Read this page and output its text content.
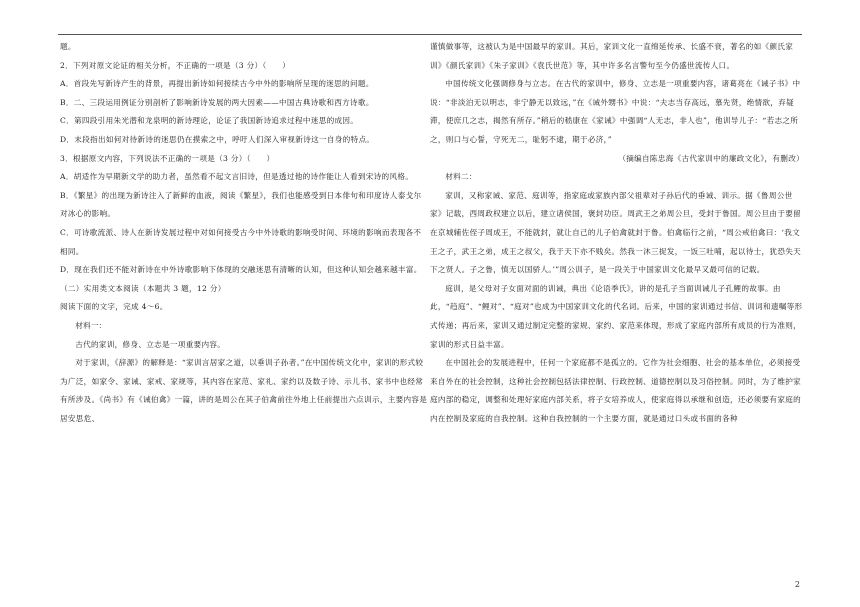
题。

2．下列对原文论证的相关分析，不正确的一项是（3 分）（　　）

A．首段先写新诗产生的背景，再提出新诗如何接续古今中外的影响所呈现的迷思的问题。

B．二、三段运用例证分别剖析了影响新诗发展的两大因素——中国古典诗歌和西方诗歌。

C．第四段引用朱光潜和龙泉明的新诗理论，论证了我国新诗追求过程中迷思的成因。

D．末段指出如何对待新诗的迷思仍在摸索之中，呼吁人们深入审视新诗这一自身的特点。

3．根据原文内容，下列说法不正确的一项是（3 分）（　　）

A．胡适作为早期新文学的助力者，虽然看不起文言旧诗，但是透过他的诗作能让人看到宋诗的风格。

B．《繁星》的出现为新诗注入了新鲜的血液，阅读《繁星》，我们也能感受到日本俳句和印度诗人泰戈尔对冰心的影响。

C．可诗歌流派、诗人在新诗发展过程中对如何接受古今中外诗歌的影响受时间、环境的影响而表现各不相同。

D．现在我们还不能对新诗在中外诗歌影响下体现的交融迷思有清晰的认知，但这种认知会越来越丰富。

（二）实用类文本阅读（本题共 3 题，12 分）

阅读下面的文字，完成 4～6。

材料一：

古代的家训，修身、立志是一项重要内容。

对于家训，《辞源》的解释是：“家训言居家之道，以垂训子孙者。”在中国传统文化中，家训的形式较为广泛，如家令、家诫、家戒、家规等，其内容在家范、家礼、家约以及数子诗、示儿书、家书中也经常有所涉及。《尚书》有《诫伯禽》一篇，讲的是周公在其子伯禽前往外地上任前提出六点训示，主要内容是居安思危、

谨慎做事等，这被认为是中国最早的家训。其后，家训文化一直绵延传承、长盛不衰，著名的如《颜氏家训》《颜氏家训》《朱子家训》《袁氏世范》等，其中许多名言警句至今仍盛世流传人口。

中国传统文化强调修身与立志。在古代的家训中，修身、立志是一项重要内容，诸葛亮在《诫子书》中说：“非淡泊无以明志，非宁静无以致远，”在《诫外甥书》中说：“夫志当存高远，慕先贤，绝情欲，弃疑滞，使庶几之志，揭然有所存。”稍后的嵇康在《家诫》中强调“人无志，非人也”，他训导儿子：“若志之所之，则口与心誓，守死无二，耻躬不逮，期于必济，”

（摘编自陈忠海《古代家训中的廉政文化》，有删改）

材料二：

家训，又称家诫、家范、庭训等，指家庭或家族内部父祖辈对子孙后代的垂诫、训示。据《鲁周公世家》记载，西周政权建立以后，建立诸侯国，褒封功臣。周武王之弟周公旦，受封于鲁国。周公旦由于要留在京城辅佐侄子周成王，不能就封，就让自己的儿子伯禽就封于鲁。伯禽临行之前，“周公戒伯禽曰：‘我文王之子，武王之弟，成王之叔父，我于天下亦不贱矣。然我一沐三捉发，一饭三吐哺，起以待士，犹恐失天下之贤人。子之鲁，慎无以国骄人。’”周公训子，是一段关于中国家训文化最早又最可信的记载。

庭训，是父母对子女面对面的训诫，典出《论语季氏》，讲的是孔子当面训诫儿子孔鲤的故事。由此，“趋庭”、“鲤对”、“庭对”也成为中国家训文化的代名词。后来，中国的家训通过书信、训词和遗嘱等形式传递；再后来，家训又通过制定完整的家规、家约、家范来体现，形成了家庭内部所有成员的行为准则，家训的形式日益丰富。

在中国社会的发展进程中，任何一个家庭都不是孤立的。它作为社会细胞、社会的基本单位，必须接受来自外在的社会控制，这种社会控制包括法律控制、行政控制、道德控制以及习俗控制。同时，为了维护家庭内部的稳定，调整和处理好家庭内部关系，将子女培养成人，使家庭得以承继和创造，还必须要有家庭的内在控制及家庭的自我控制。这种自我控制的一个主要方面，就是通过口头或书面的各种

2
